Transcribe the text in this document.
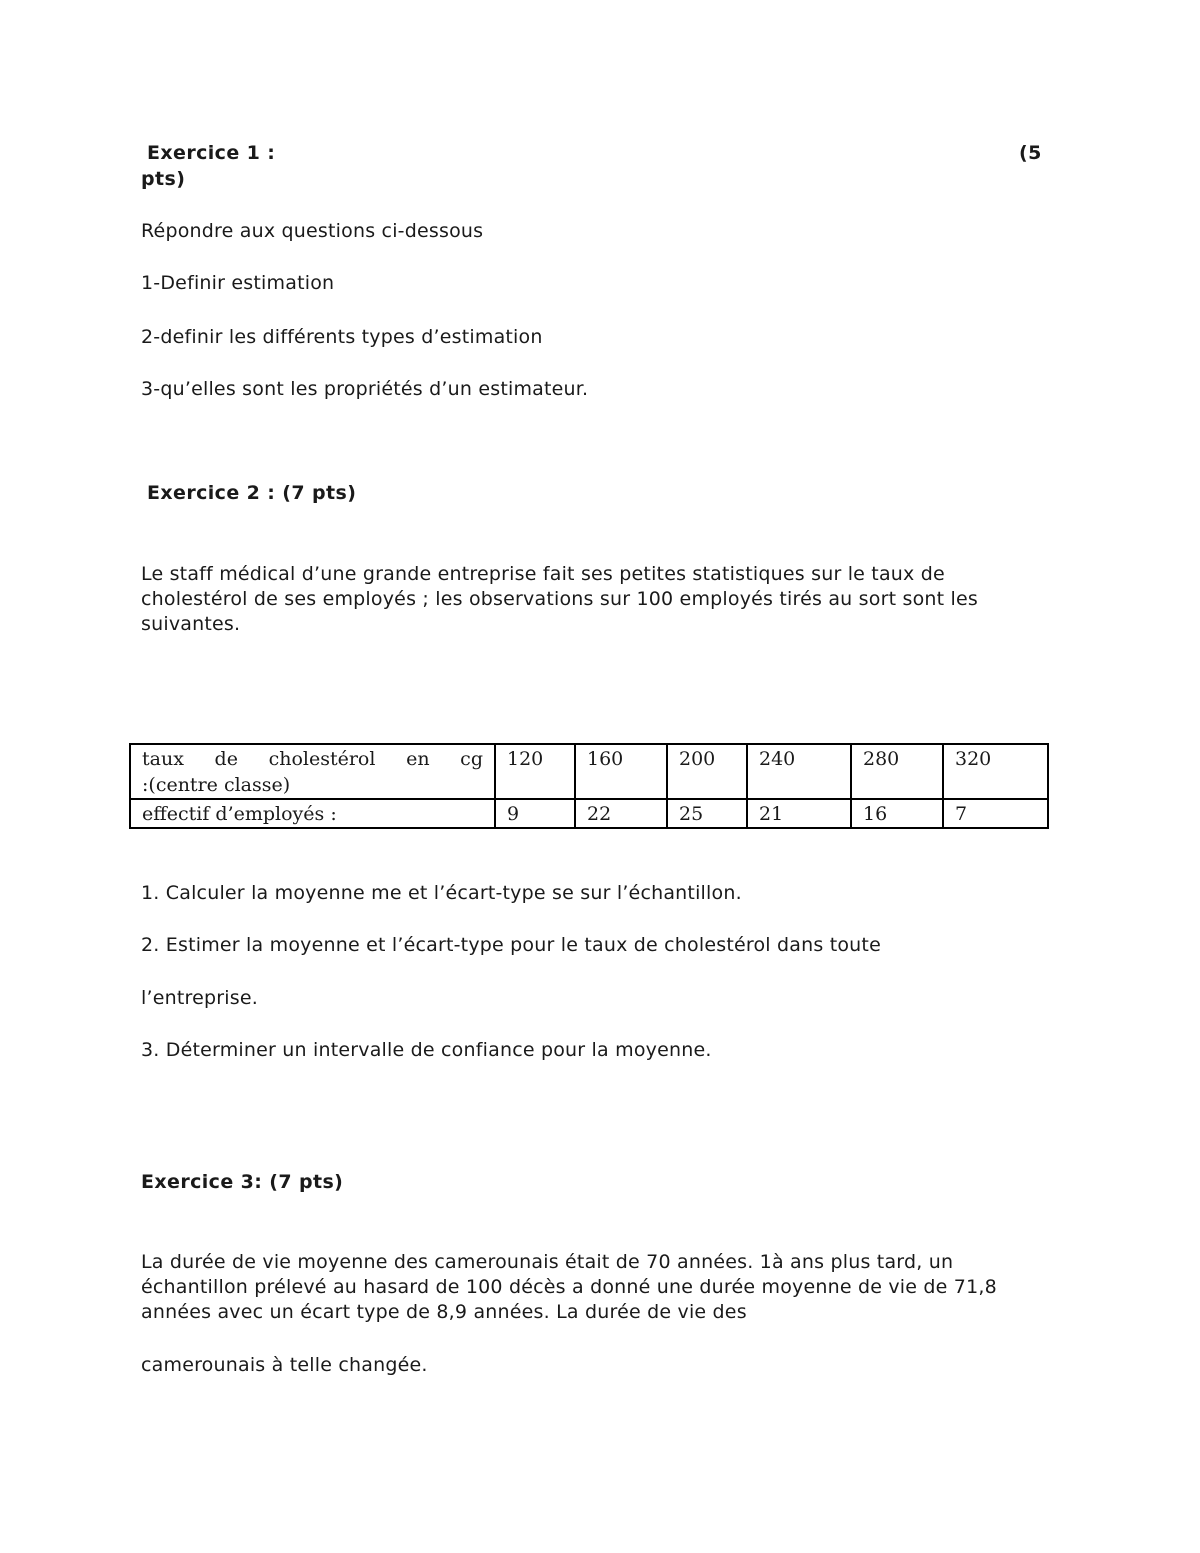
Exercice 1 :	(5
pts)
Répondre aux questions ci-dessous
1-Definir estimation
2-definir les différents types d’estimation
3-qu’elles sont les propriétés d’un estimateur.
Exercice 2 : (7 pts)

Le staff médical d’une grande entreprise fait ses petites statistiques sur le taux de cholestérol de ses employés ; les observations sur 100 employés tirés au sort sont les suivantes.

taux de cholestérol en cg
:(centre classe)	120	160	200	240	280	320
effectif d’employés :	9	22	25	21	16	7
1. Calculer la moyenne me et l’écart-type se sur l’échantillon.
2. Estimer la moyenne et l’écart-type pour le taux de cholestérol dans toute
l’entreprise.
3. Déterminer un intervalle de confiance pour la moyenne.
Exercice 3: (7 pts)

La durée de vie moyenne des camerounais était de 70 années. 1à ans plus tard, un échantillon prélevé au hasard de 100 décès a donné une durée moyenne de vie de 71,8 années avec un écart type de 8,9 années. La durée de vie des

camerounais à telle changée.
